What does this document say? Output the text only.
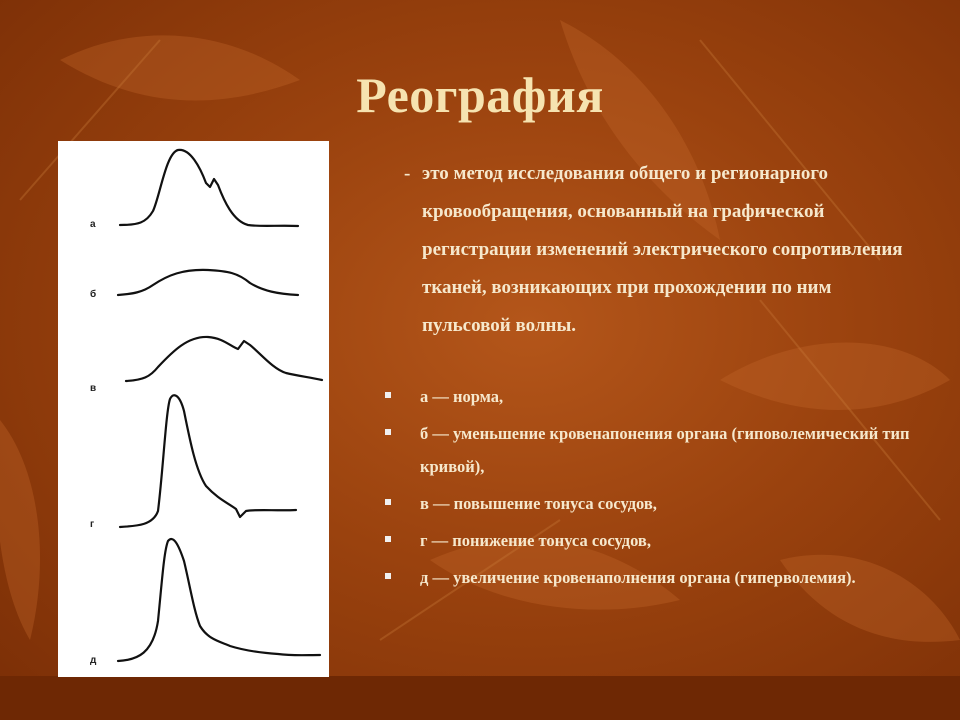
Реография
а
б
в
г
д
- это метод исследования общего и регионарного кровообращения, основанный на графической регистрации изменений электрического сопротивления тканей, возникающих при прохождении по ним пульсовой волны.
а — норма,
б — уменьшение кровенапонения органа (гиповолемический тип кривой),
в — повышение тонуса сосудов,
г — понижение тонуса сосудов,
д — увеличение кровенаполнения органа (гиперволемия).
